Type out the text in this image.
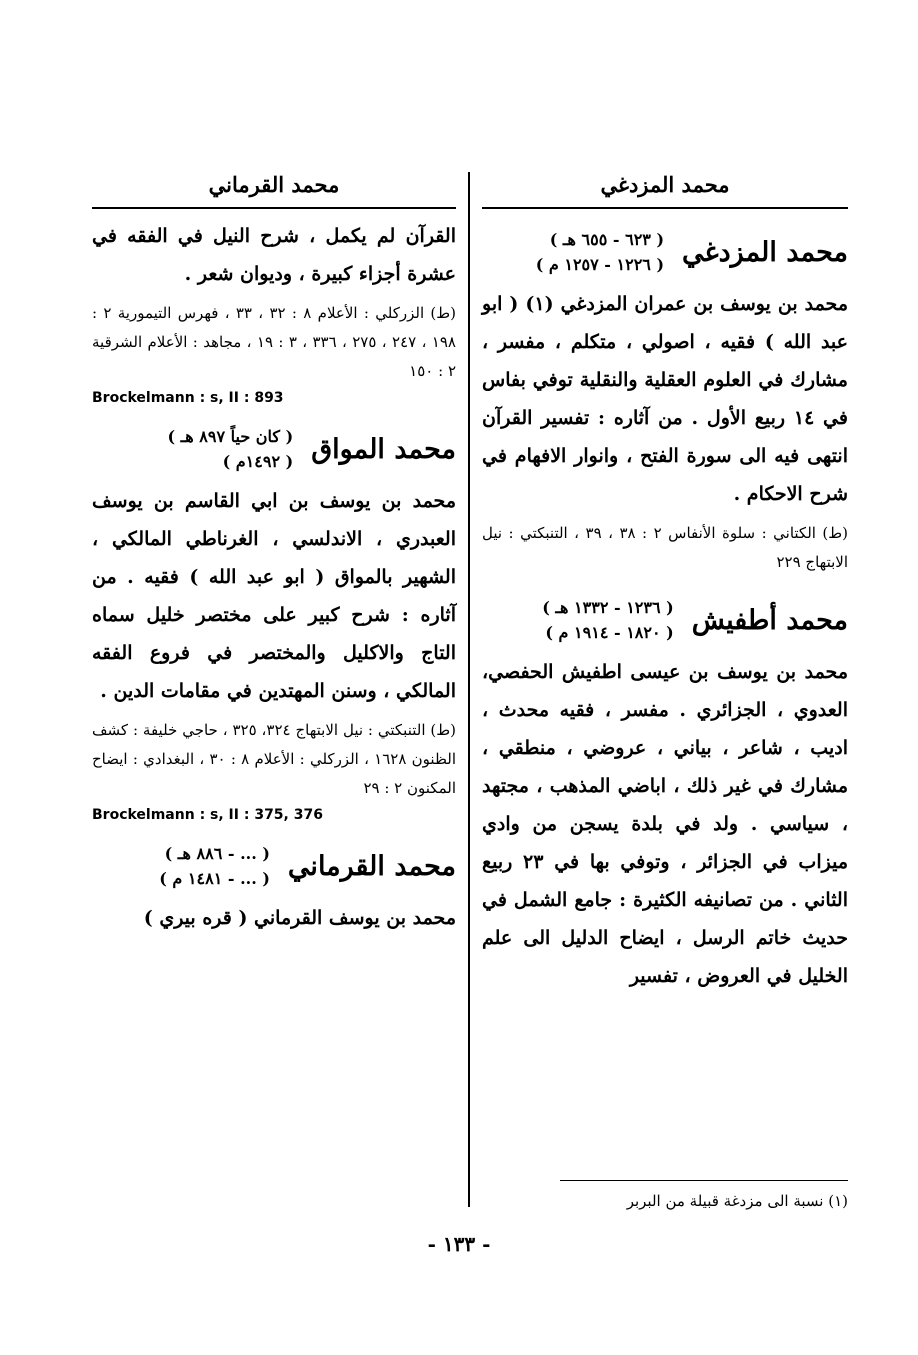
محمد المزدغي
محمد المزدغي
( ٦٢٣ - ٦٥٥ هـ )
( ١٢٢٦ - ١٢٥٧ م )

محمد بن يوسف بن عمران المزدغي (١) ( ابو عبد الله ) فقيه ، اصولي ، متكلم ، مفسر ، مشارك في العلوم العقلية والنقلية توفي بفاس في ١٤ ربيع الأول . من آثاره : تفسير القرآن انتهى فيه الى سورة الفتح ، وانوار الافهام في شرح الاحكام .

(ط) الكتاني : سلوة الأنفاس ٢ : ٣٨ ، ٣٩ ، التنبكتي : نيل الابتهاج ٢٢٩

محمد أطفيش
( ١٢٣٦ - ١٣٣٢ هـ )
( ١٨٢٠ - ١٩١٤ م )

محمد بن يوسف بن عيسى اطفيش الحفصي، العدوي ، الجزائري . مفسر ، فقيه محدث ، اديب ، شاعر ، بياني ، عروضي ، منطقي ، مشارك في غير ذلك ، اباضي المذهب ، مجتهد ، سياسي . ولد في بلدة يسجن من وادي ميزاب في الجزائر ، وتوفي بها في ٢٣ ربيع الثاني . من تصانيفه الكثيرة : جامع الشمل في حديث خاتم الرسل ، ايضاح الدليل الى علم الخليل في العروض ، تفسير

محمد القرماني

القرآن لم يكمل ، شرح النيل في الفقه في عشرة أجزاء كبيرة ، وديوان شعر .

(ط) الزركلي : الأعلام ٨ : ٣٢ ، ٣٣ ، فهرس التيمورية ٢ : ١٩٨ ، ٢٤٧ ، ٢٧٥ ، ٣٣٦ ، ٣ : ١٩ ، مجاهد : الأعلام الشرقية ٢ : ١٥٠

Brockelmann : s, II : 893
محمد المواق
( كان حياً ٨٩٧ هـ )
( ١٤٩٢م )

محمد بن يوسف بن ابي القاسم بن يوسف العبدري ، الاندلسي ، الغرناطي المالكي ، الشهير بالمواق ( ابو عبد الله ) فقيه . من آثاره : شرح كبير على مختصر خليل سماه التاج والاكليل والمختصر في فروع الفقه المالكي ، وسنن المهتدين في مقامات الدين .

(ط) التنبكتي : نيل الابتهاج ٣٢٤، ٣٢٥ ، حاجي خليفة : كشف الظنون ١٦٢٨ ، الزركلي : الأعلام ٨ : ٣٠ ، البغدادي : ايضاح المكنون ٢ : ٢٩

Brockelmann : s, II : 375, 376
محمد القرماني
( ... - ٨٨٦ هـ )
( ... - ١٤٨١ م )

محمد بن يوسف القرماني ( قره بيري )

(١) نسبة الى مزدغة قبيلة من البربر
- ١٣٣ -
